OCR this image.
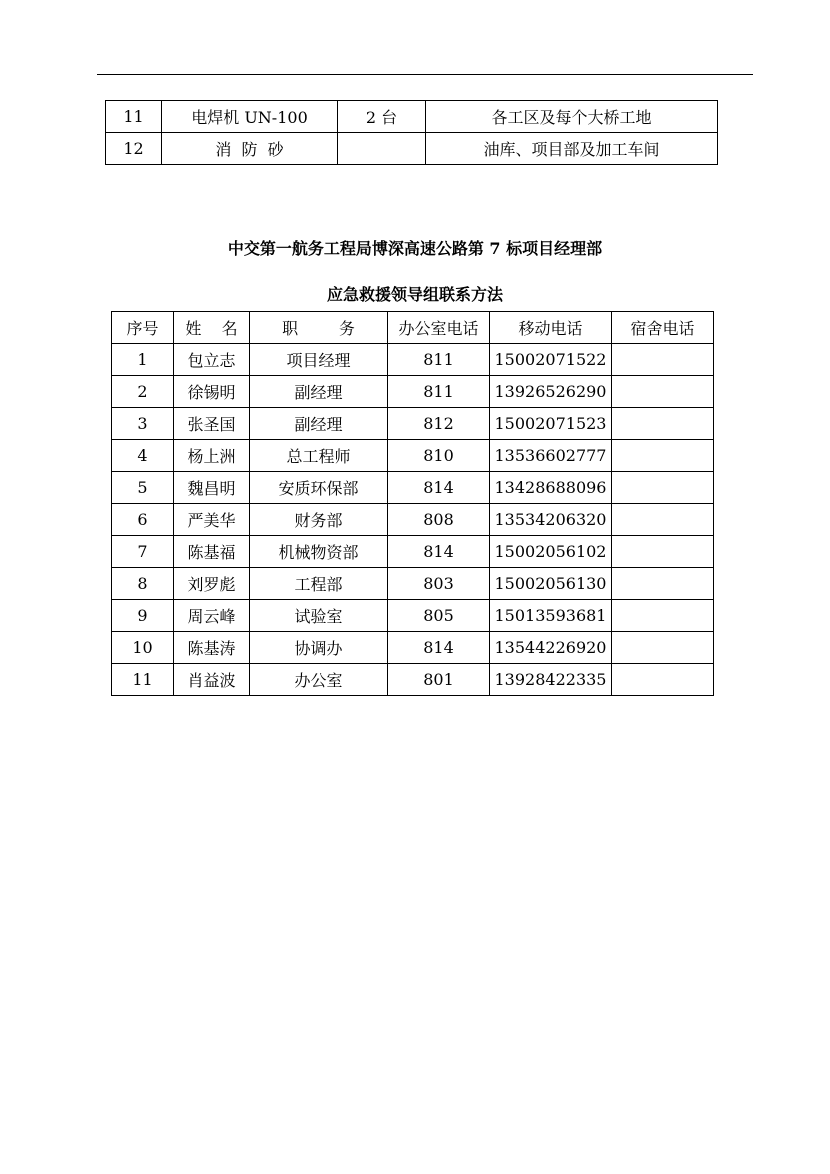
11	电焊机 UN-100	2 台	各工区及每个大桥工地
12	消  防  砂		油库、项目部及加工车间
中交第一航务工程局博深高速公路第 7 标项目经理部
应急救援领导组联系方法
序号	姓    名	职        务	办公室电话	移动电话	宿舍电话
1	包立志	项目经理	811	15002071522	
2	徐锡明	副经理	811	13926526290	
3	张圣国	副经理	812	15002071523	
4	杨上洲	总工程师	810	13536602777	
5	魏昌明	安质环保部	814	13428688096	
6	严美华	财务部	808	13534206320	
7	陈基福	机械物资部	814	15002056102	
8	刘罗彪	工程部	803	15002056130	
9	周云峰	试验室	805	15013593681	
10	陈基涛	协调办	814	13544226920	
11	肖益波	办公室	801	13928422335	
